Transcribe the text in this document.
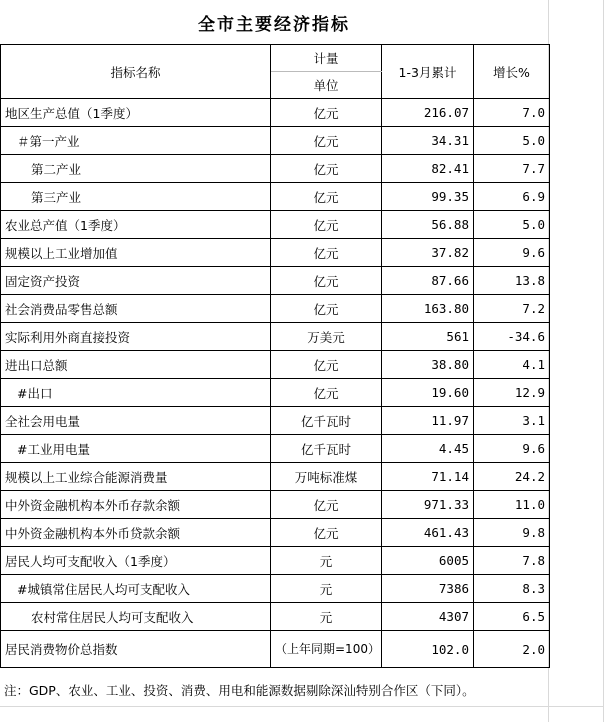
全市主要经济指标
指标名称	计量	1-3月累计	增长%
	单位		
地区生产总值（1季度）	亿元	216.07	7.0
＃第一产业	亿元	34.31	5.0
第二产业	亿元	82.41	7.7
第三产业	亿元	99.35	6.9
农业总产值（1季度）	亿元	56.88	5.0
规模以上工业增加值	亿元	37.82	9.6
固定资产投资	亿元	87.66	13.8
社会消费品零售总额	亿元	163.80	7.2
实际利用外商直接投资	万美元	561	-34.6
进出口总额	亿元	38.80	4.1
#出口	亿元	19.60	12.9
全社会用电量	亿千瓦时	11.97	3.1
#工业用电量	亿千瓦时	4.45	9.6
规模以上工业综合能源消费量	万吨标准煤	71.14	24.2
中外资金融机构本外币存款余额	亿元	971.33	11.0
中外资金融机构本外币贷款余额	亿元	461.43	9.8
居民人均可支配收入（1季度）	元	6005	7.8
#城镇常住居民人均可支配收入	元	7386	8.3
农村常住居民人均可支配收入	元	4307	6.5
居民消费物价总指数	（上年同期=100）	102.0	2.0
注：GDP、农业、工业、投资、消费、用电和能源数据剔除深汕特别合作区（下同）。
